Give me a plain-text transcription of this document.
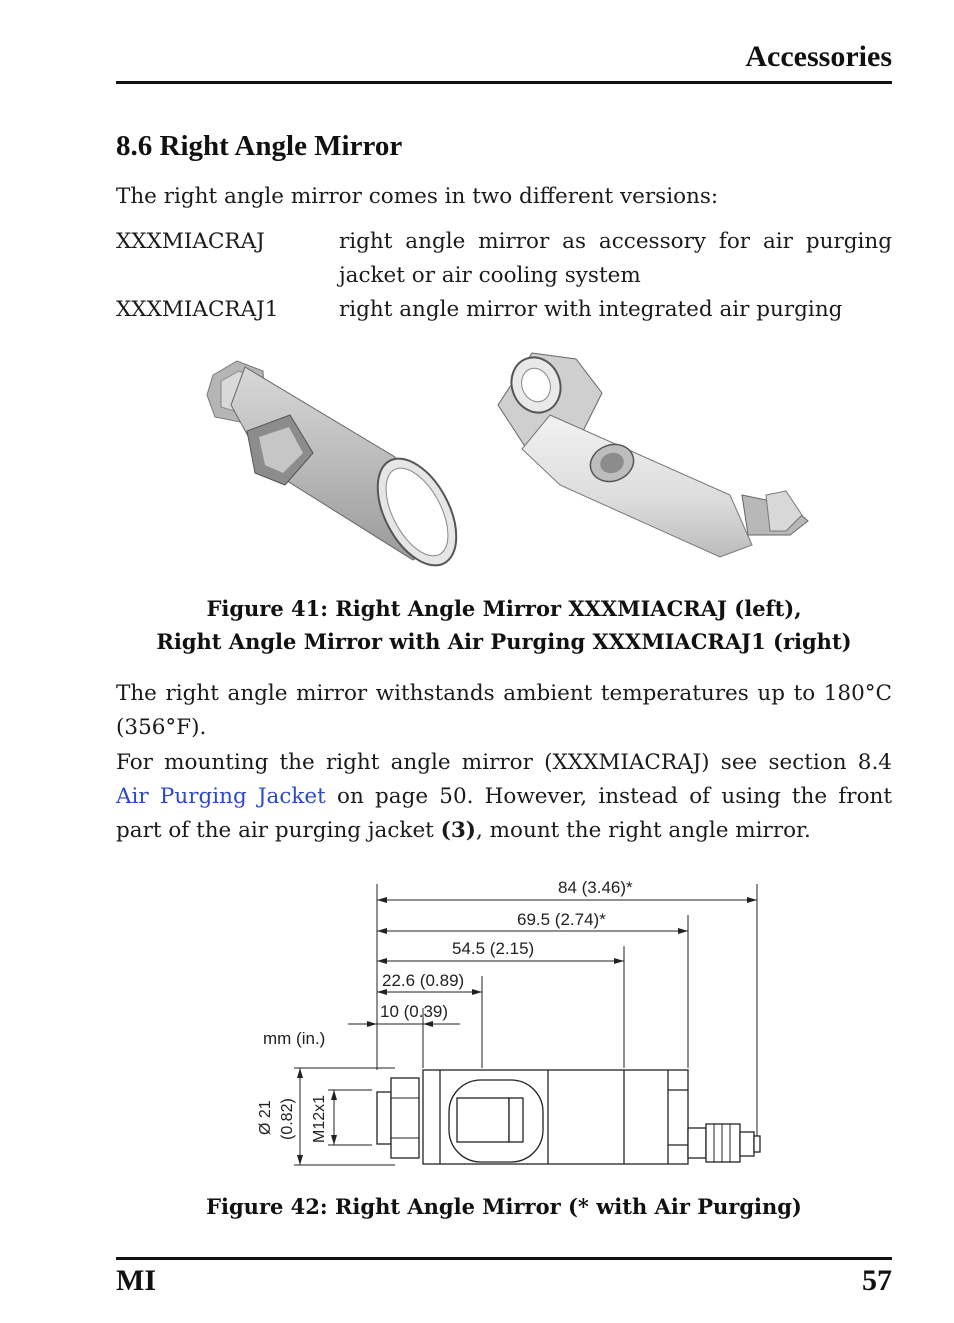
Accessories
8.6 Right Angle Mirror
The right angle mirror comes in two different versions:
XXXMIACRAJ	right angle mirror as accessory for air purging
jacket or air cooling system
XXXMIACRAJ1	right angle mirror with integrated air purging
Figure 41: Right Angle Mirror XXXMIACRAJ (left),
Right Angle Mirror with Air Purging XXXMIACRAJ1 (right)
The right angle mirror withstands ambient temperatures up to 180°C
(356°F).
For mounting the right angle mirror (XXXMIACRAJ) see section 8.4
Air Purging Jacket on page 50. However, instead of using the front
part of the air purging jacket (3), mount the right angle mirror.
84 (3.46)*
69.5 (2.74)*
54.5 (2.15)
22.6 (0.89)
10 (0.39)
mm (in.)
Ø 21 (0.82) M12x1
Figure 42: Right Angle Mirror (* with Air Purging)
MI	57
